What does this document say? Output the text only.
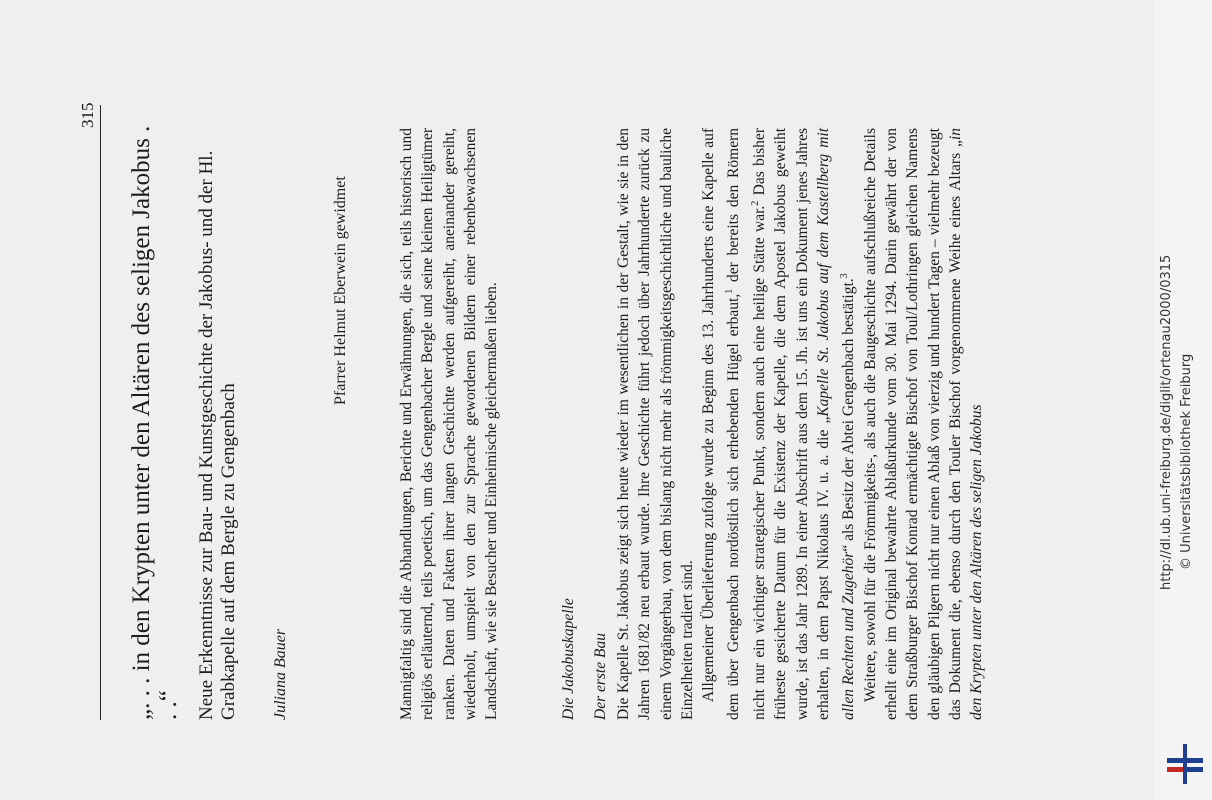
315
„. . . in den Krypten unter den Altären des seligen Jakobus . . .“ Neue Erkenntnisse zur Bau- und Kunstgeschichte der Jakobus- und der Hl. Grabkapelle auf dem Bergle zu Gengenbach Juliana Bauer
Pfarrer Helmut Eberwein gewidmet	Mannigfaltig sind die Abhandlungen, Berichte und Erwähnungen, die sich, teils historisch und religiös erläuternd, teils poetisch, um das Gengenbacher Bergle und seine kleinen Heiligtümer ranken. Daten und Fakten ihrer langen Geschichte werden aufgereiht, aneinander gereiht, wiederholt, umspielt von den zur Sprache gewordenen Bildern einer rebenbewachsenen Landschaft, wie sie Besucher und Einheimische gleichermaßen lieben.	Die Jakobuskapelle Der erste Bau Die Kapelle St. Jakobus zeigt sich heute wieder im wesentlichen in der Gestalt, wie sie in den Jahren 1681/82 neu erbaut wurde. Ihre Geschichte führt jedoch über Jahrhunderte zurück zu einem Vorgängerbau, von dem bislang nicht mehr als frömmigkeitsgeschichtliche und bauliche Einzelheiten tradiert sind. Allgemeiner Überlieferung zufolge wurde zu Beginn des 13. Jahrhunderts eine Kapelle auf dem über Gengenbach nordöstlich sich erhebenden Hügel erbaut,$^1$ der bereits den Römern nicht nur ein wichtiger strategischer Punkt, sondern auch eine heilige Stätte war.$^2$ Das bisher früheste gesicherte Datum für die Existenz der Kapelle, die dem Apostel Jakobus geweiht wurde, ist das Jahr 1289. In einer Abschrift aus dem 15. Jh. ist uns ein Dokument jenes Jahres erhalten, in dem Papst Nikolaus IV. u. a. die „Kapelle St. Jakobus auf dem Kastellberg mit allen Rechten und Zugehör“ als Besitz der Abtei Gengenbach bestätigt.$^3$ Weitere, sowohl für die Frömmigkeits-, als auch die Baugeschichte aufschlußreiche Details erhellt eine im Original bewahrte Ablaßurkunde vom 30. Mai 1294. Darin gewährt der von dem Straßburger Bischof Konrad ermächtigte Bischof von Toul/Lothringen gleichen Namens den gläubigen Pilgern nicht nur einen Ablaß von vierzig und hundert Tagen – vielmehr bezeugt das Dokument die, ebenso durch den Touler Bischof vorgenommene Weihe eines Altars „in den Krypten unter den Altären des seligen Jakobus	http://dl.ub.uni-freiburg.de/diglit/ortenau2000/0315 © Universitätsbibliothek Freiburg
